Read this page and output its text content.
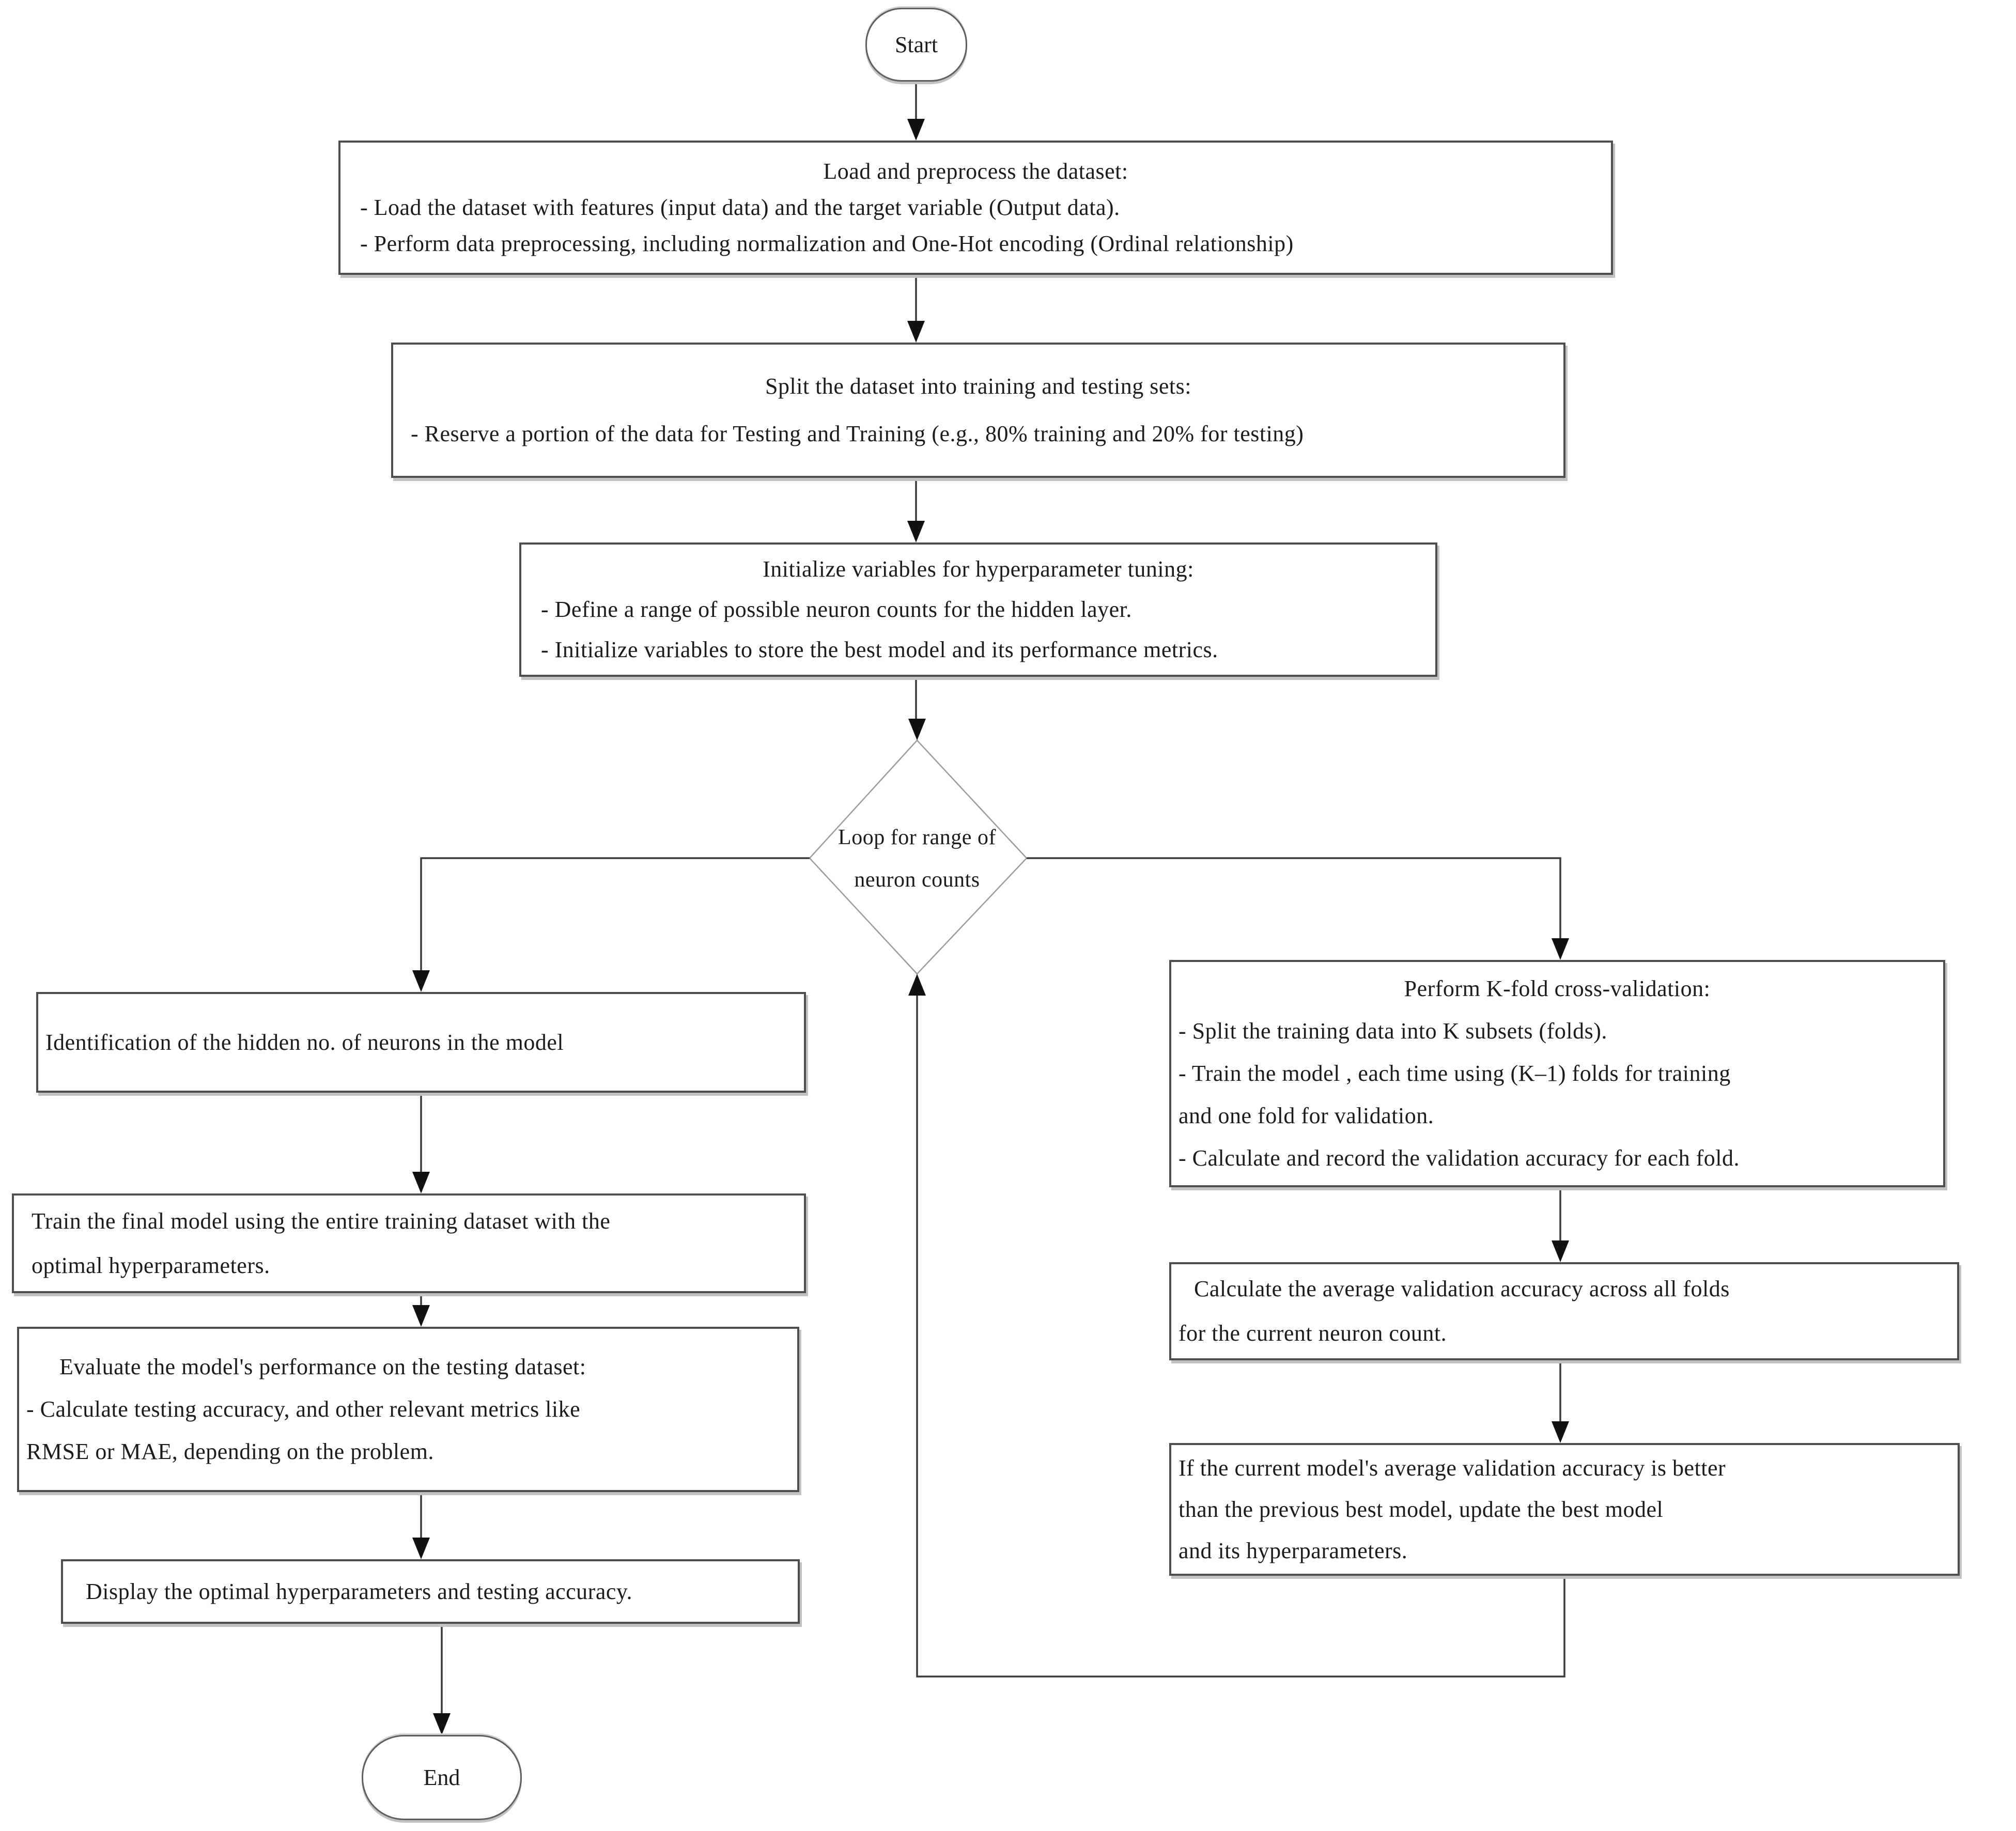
Start
Load and preprocess the dataset:
- Load the dataset with features (input data) and the target variable (Output data).
- Perform data preprocessing, including normalization and One-Hot encoding (Ordinal relationship)
Split the dataset into training and testing sets:
- Reserve a portion of the data for Testing and Training (e.g., 80% training and 20% for testing)
Initialize variables for hyperparameter tuning:
- Define a range of possible neuron counts for the hidden layer.
- Initialize variables to store the best model and its performance metrics.
Loop for range of
neuron counts
Identification of the hidden no. of neurons in the model
Train the final model using the entire training dataset with the
optimal hyperparameters.
Evaluate the model's performance on the testing dataset:
- Calculate testing accuracy, and other relevant metrics like
RMSE or MAE, depending on the problem.
Display the optimal hyperparameters and testing accuracy.
Perform K-fold cross-validation:
- Split the training data into K subsets (folds).
- Train the model , each time using (K–1) folds for training
and one fold for validation.
- Calculate and record the validation accuracy for each fold.
Calculate the average validation accuracy across all folds
for the current neuron count.
If the current model's average validation accuracy is better
than the previous best model, update the best model
and its hyperparameters.
End
